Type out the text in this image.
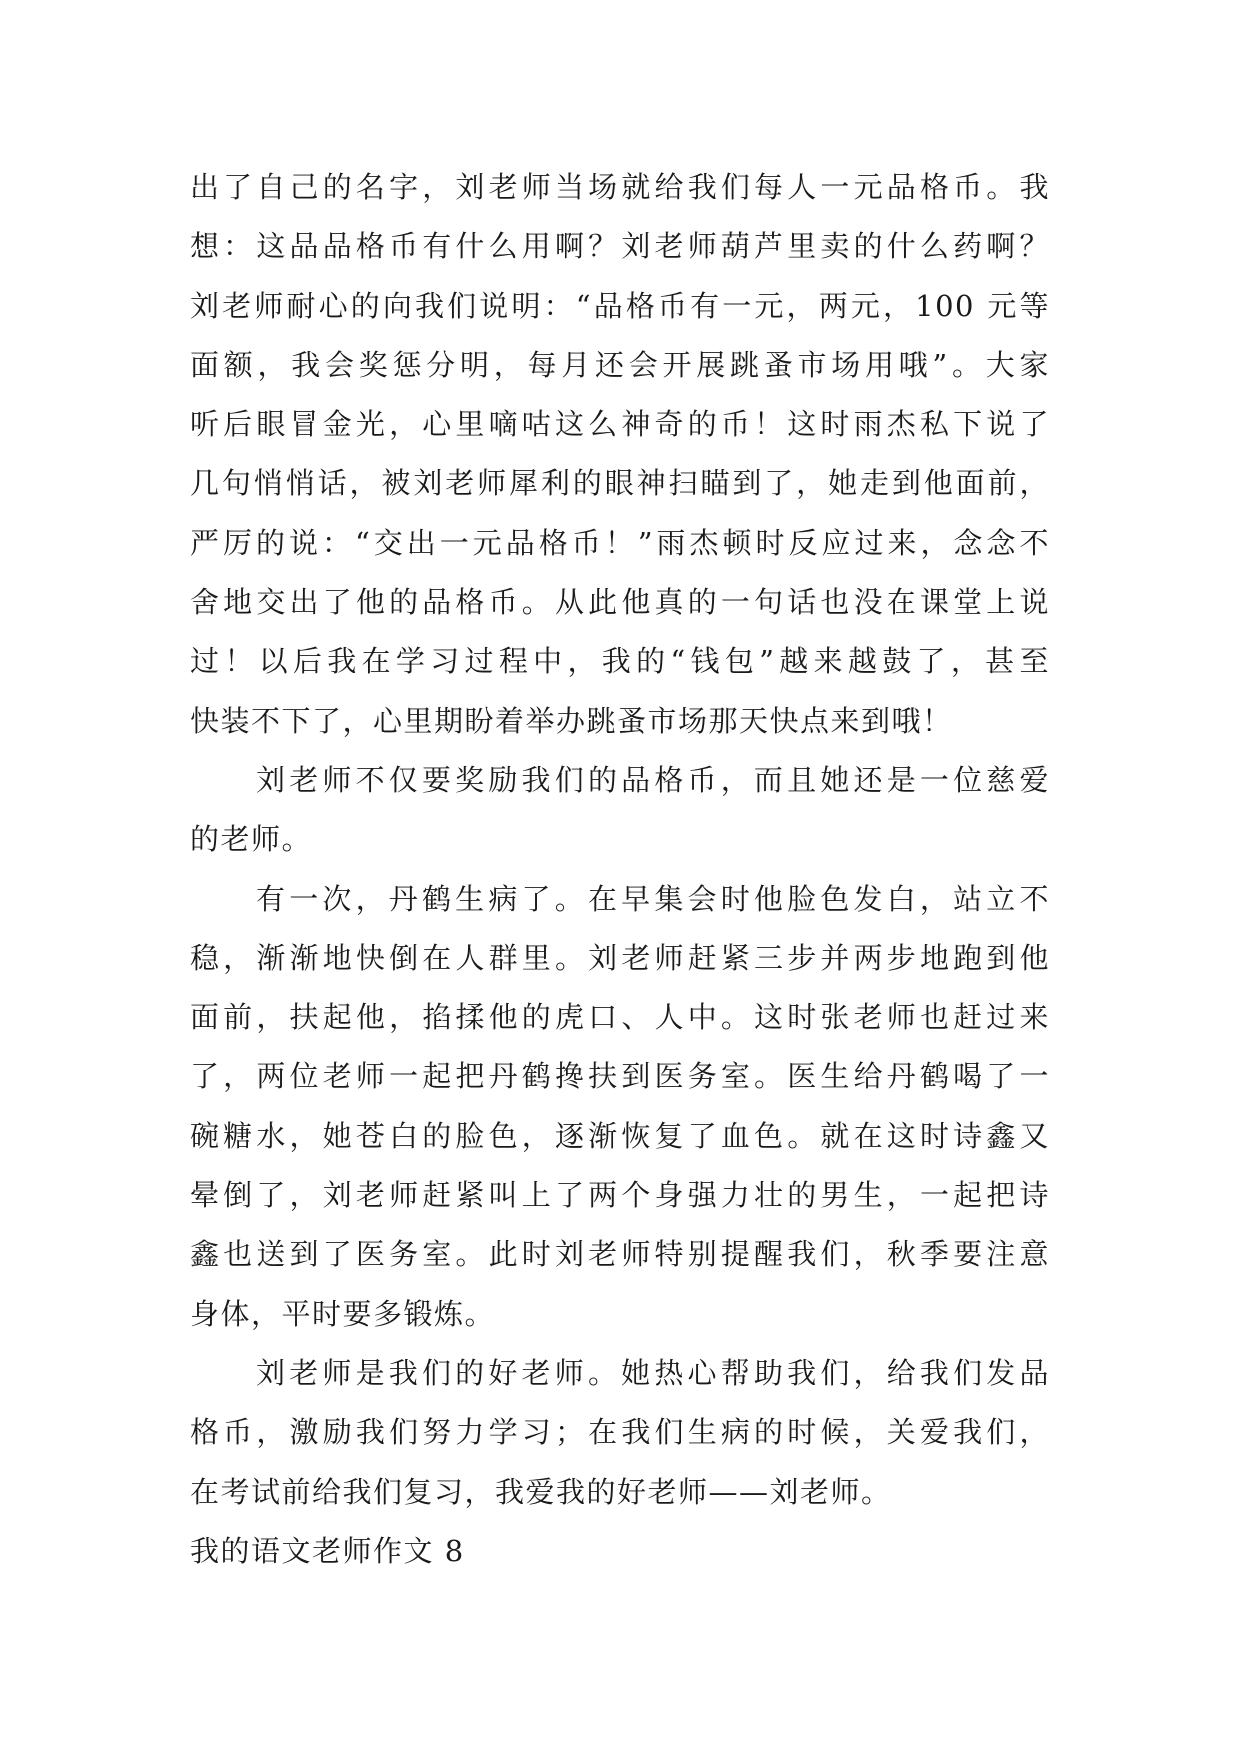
出了自己的名字，刘老师当场就给我们每人一元品格币。我
想：这品品格币有什么用啊？刘老师葫芦里卖的什么药啊？
刘老师耐心的向我们说明：“品格币有一元，两元，100 元等
面额，我会奖惩分明，每月还会开展跳蚤市场用哦”。大家
听后眼冒金光，心里嘀咕这么神奇的币！这时雨杰私下说了
几句悄悄话，被刘老师犀利的眼神扫瞄到了，她走到他面前，
严厉的说：“交出一元品格币！”雨杰顿时反应过来，念念不
舍地交出了他的品格币。从此他真的一句话也没在课堂上说
过！以后我在学习过程中，我的“钱包”越来越鼓了，甚至
快装不下了，心里期盼着举办跳蚤市场那天快点来到哦！
刘老师不仅要奖励我们的品格币，而且她还是一位慈爱
的老师。
有一次，丹鹤生病了。在早集会时他脸色发白，站立不
稳，渐渐地快倒在人群里。刘老师赶紧三步并两步地跑到他
面前，扶起他，掐揉他的虎口、人中。这时张老师也赶过来
了，两位老师一起把丹鹤搀扶到医务室。医生给丹鹤喝了一
碗糖水，她苍白的脸色，逐渐恢复了血色。就在这时诗鑫又
晕倒了，刘老师赶紧叫上了两个身强力壮的男生，一起把诗
鑫也送到了医务室。此时刘老师特别提醒我们，秋季要注意
身体，平时要多锻炼。
刘老师是我们的好老师。她热心帮助我们，给我们发品
格币，激励我们努力学习；在我们生病的时候，关爱我们，
在考试前给我们复习，我爱我的好老师——刘老师。
我的语文老师作文 8
